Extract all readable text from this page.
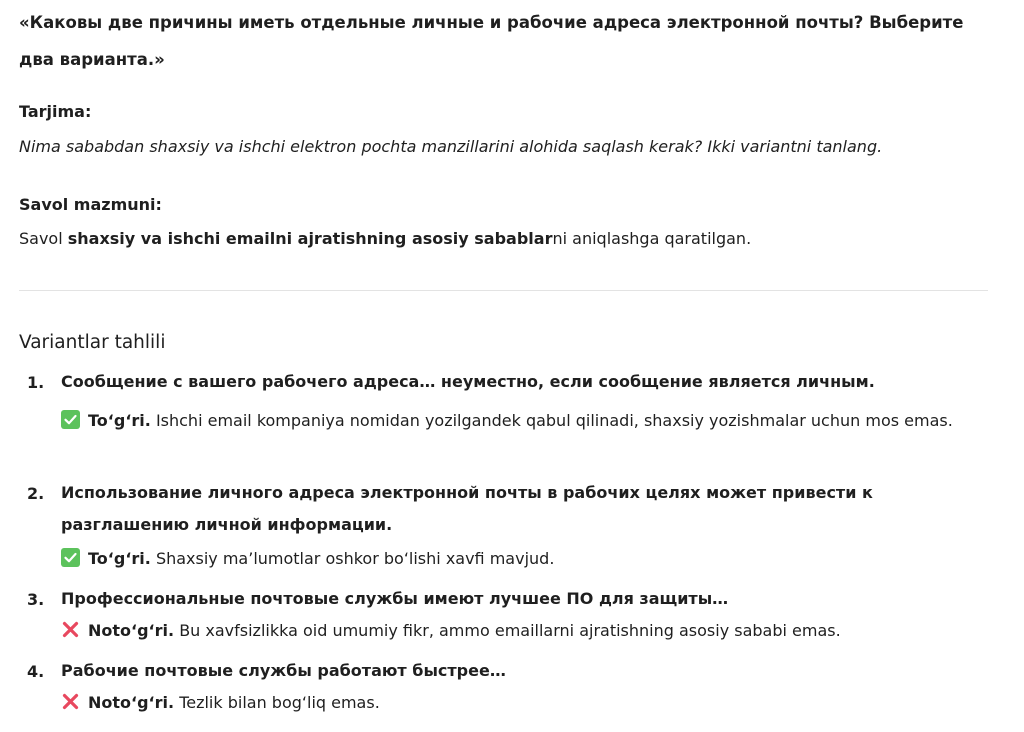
«Каковы две причины иметь отдельные личные и рабочие адреса электронной почты? Выберите два варианта.»

Tarjima:

Nima sababdan shaxsiy va ishchi elektron pochta manzillarini alohida saqlash kerak? Ikki variantni tanlang.

Savol mazmuni:

Savol shaxsiy va ishchi emailni ajratishning asosiy sabablarni aniqlashga qaratilgan.

Variantlar tahlili
1. Сообщение с вашего рабочего адреса… неуместно, если сообщение является личным.

To‘g‘ri. Ishchi email kompaniya nomidan yozilgandek qabul qilinadi, shaxsiy yozishmalar uchun mos emas.

2. Использование личного адреса электронной почты в рабочих целях может привести к разглашению личной информации.

To‘g‘ri. Shaxsiy ma’lumotlar oshkor bo‘lishi xavfi mavjud.

3. Профессиональные почтовые службы имеют лучшее ПО для защиты…

Noto‘g‘ri. Bu xavfsizlikka oid umumiy fikr, ammo emaillarni ajratishning asosiy sababi emas.

4. Рабочие почтовые службы работают быстрее…

Noto‘g‘ri. Tezlik bilan bog‘liq emas.
